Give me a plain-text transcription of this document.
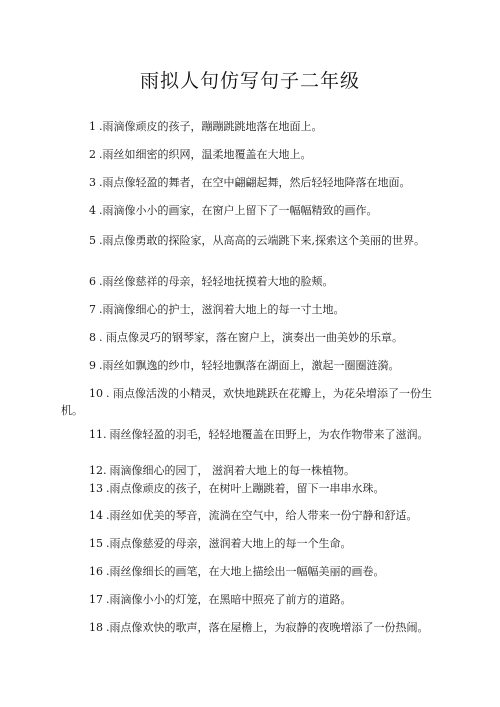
雨拟人句仿写句子二年级

1 .雨滴像顽皮的孩子，蹦蹦跳跳地落在地面上。

2 .雨丝如细密的织网，温柔地覆盖在大地上。

3 .雨点像轻盈的舞者，在空中翩翩起舞，然后轻轻地降落在地面。

4 .雨滴像小小的画家，在窗户上留下了一幅幅精致的画作。

5 .雨点像勇敢的探险家，从高高的云端跳下来,探索这个美丽的世界。

6 .雨丝像慈祥的母亲，轻轻地抚摸着大地的脸颊。

7 .雨滴像细心的护士，滋润着大地上的每一寸土地。

8 . 雨点像灵巧的钢琴家，落在窗户上，演奏出一曲美妙的乐章。

9 .雨丝如飘逸的纱巾，轻轻地飘落在湖面上，激起一圈圈涟漪。

10 . 雨点像活泼的小精灵，欢快地跳跃在花瓣上，为花朵增添了一份生机。

11. 雨丝像轻盈的羽毛，轻轻地覆盖在田野上，为农作物带来了滋润。

12. 雨滴像细心的园丁， 滋润着大地上的每一株植物。

13 .雨点像顽皮的孩子，在树叶上蹦跳着，留下一串串水珠。

14 .雨丝如优美的琴音，流淌在空气中，给人带来一份宁静和舒适。

15 .雨点像慈爱的母亲，滋润着大地上的每一个生命。

16 .雨丝像细长的画笔，在大地上描绘出一幅幅美丽的画卷。

17 .雨滴像小小的灯笼，在黑暗中照亮了前方的道路。

18 .雨点像欢快的歌声，落在屋檐上，为寂静的夜晚增添了一份热闹。
